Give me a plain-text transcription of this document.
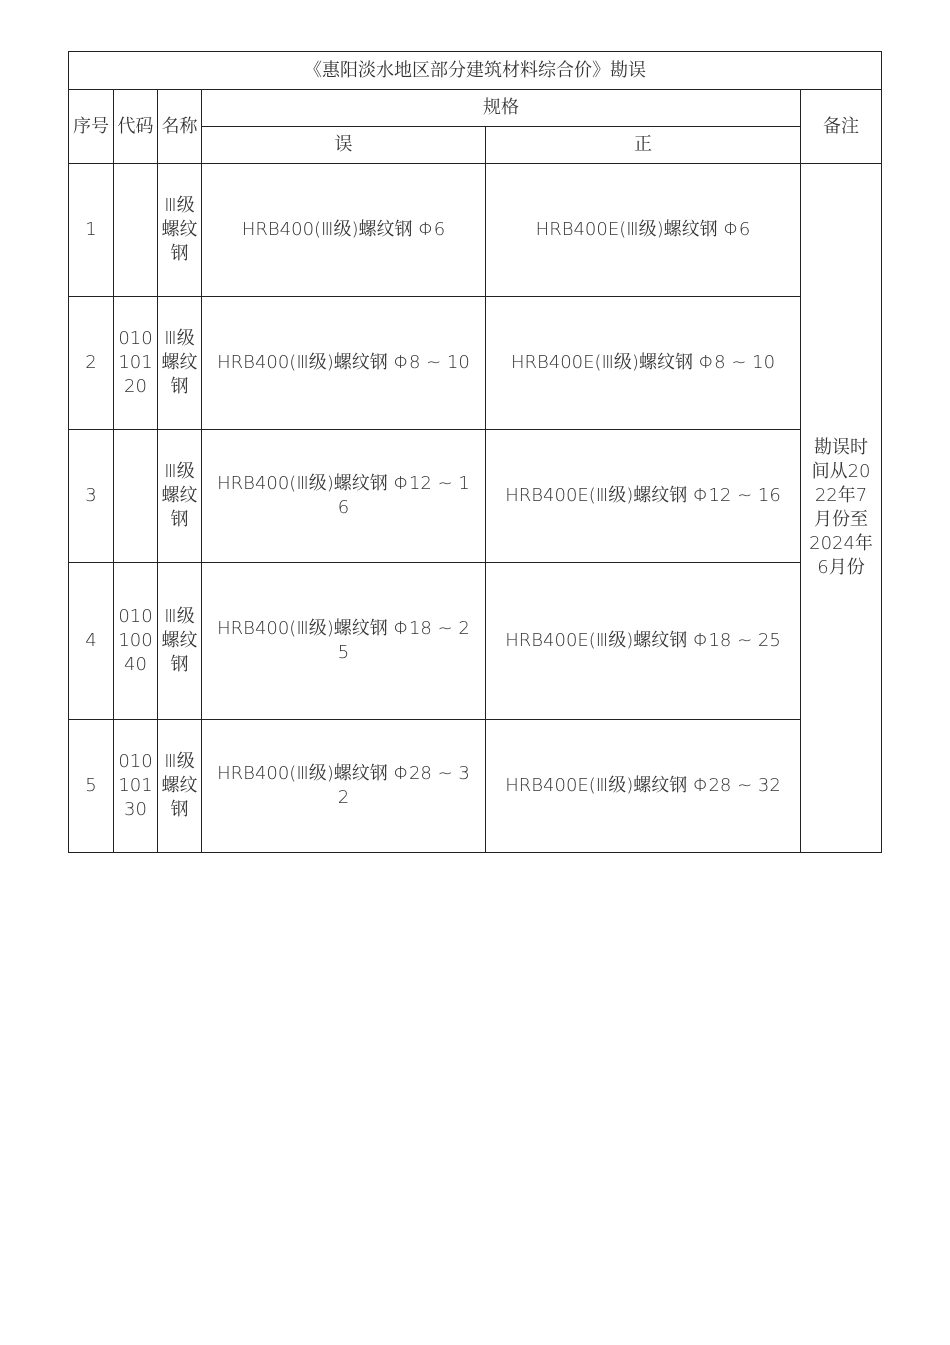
《惠阳淡水地区部分建筑材料综合价》勘误					
序号	代码	名称	规格		备注
			误	正	
1		Ⅲ级螺纹钢	HRB400(Ⅲ级)螺纹钢 Φ6	HRB400E(Ⅲ级)螺纹钢 Φ6	勘误时间从2022年7月份至2024年6月份
2	01010120	Ⅲ级螺纹钢	HRB400(Ⅲ级)螺纹钢 Φ8 ~ 10	HRB400E(Ⅲ级)螺纹钢 Φ8 ~ 10	
3		Ⅲ级螺纹钢	HRB400(Ⅲ级)螺纹钢 Φ12 ~ 16	HRB400E(Ⅲ级)螺纹钢 Φ12 ~ 16	
4	01010040	Ⅲ级螺纹钢	HRB400(Ⅲ级)螺纹钢 Φ18 ~ 25	HRB400E(Ⅲ级)螺纹钢 Φ18 ~ 25	
5	01010130	Ⅲ级螺纹钢	HRB400(Ⅲ级)螺纹钢 Φ28 ~ 32	HRB400E(Ⅲ级)螺纹钢 Φ28 ~ 32	
